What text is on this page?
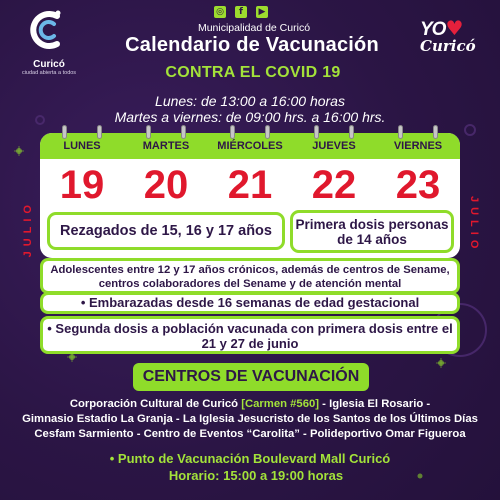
Curicó
ciudad abierta a todos
◎	f	▶
Municipalidad de Curicó
Calendario de Vacunación
CONTRA EL COVID 19
YO♥
Curicó
Lunes: de 13:00 a 16:00 horas
Martes a viernes: de 09:00 hrs. a 16:00 hrs.
JULIO	JULIO
LUNES	MARTES	MIÉRCOLES	JUEVES	VIERNES
19 20 21 22 23
Rezagados de 15, 16 y 17 años	Primera dosis personas de 14 años
Adolescentes entre 12 y 17 años crónicos, además de centros de Sename, centros colaboradores del Sename y de atención mental
• Embarazadas desde 16 semanas de edad gestacional
• Segunda dosis a población vacunada con primera dosis entre el 21 y 27 de junio
CENTROS DE VACUNACIÓN
Corporación Cultural de Curicó [Carmen #560] - Iglesia El Rosario -
Gimnasio Estadio La Granja - La Iglesia Jesucristo de los Santos de los Últimos Días
Cesfam Sarmiento - Centro de Eventos “Carolita” - Polideportivo Omar Figueroa
• Punto de Vacunación Boulevard Mall Curicó
Horario: 15:00 a 19:00 horas
